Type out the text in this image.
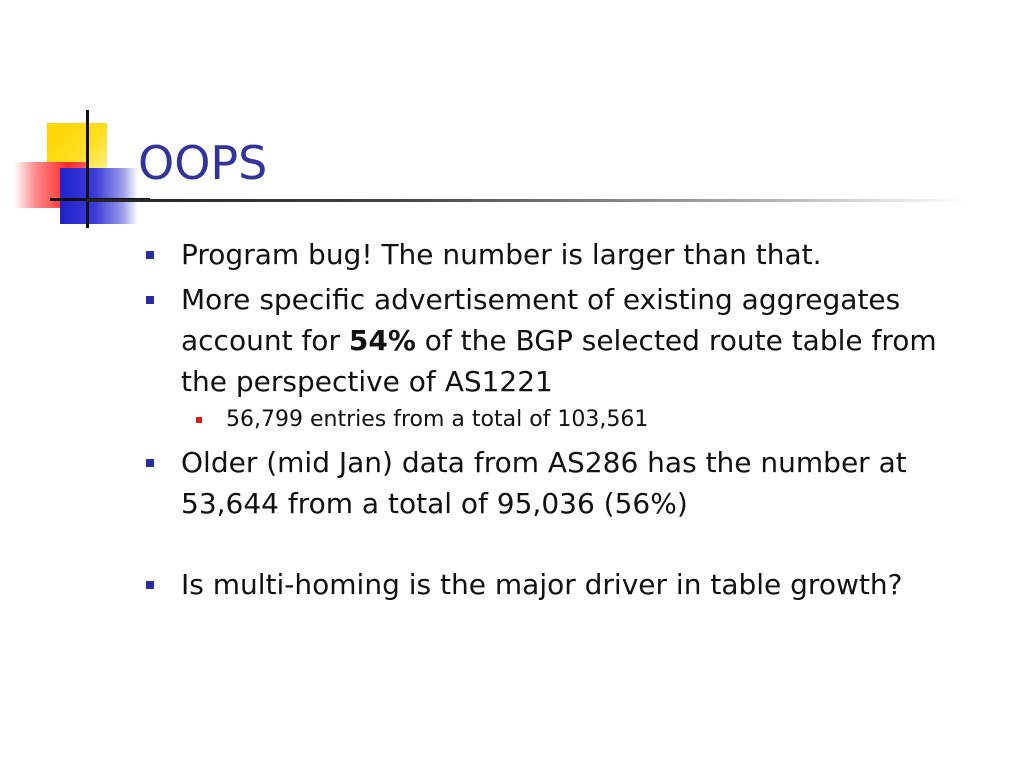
OOPS
Program bug! The number is larger than that.
More specific advertisement of existing aggregates account for 54% of the BGP selected route table from the perspective of AS1221
56,799 entries from a total of 103,561
Older (mid Jan) data from AS286 has the number at 53,644 from a total of 95,036 (56%)
Is multi-homing is the major driver in table growth?
